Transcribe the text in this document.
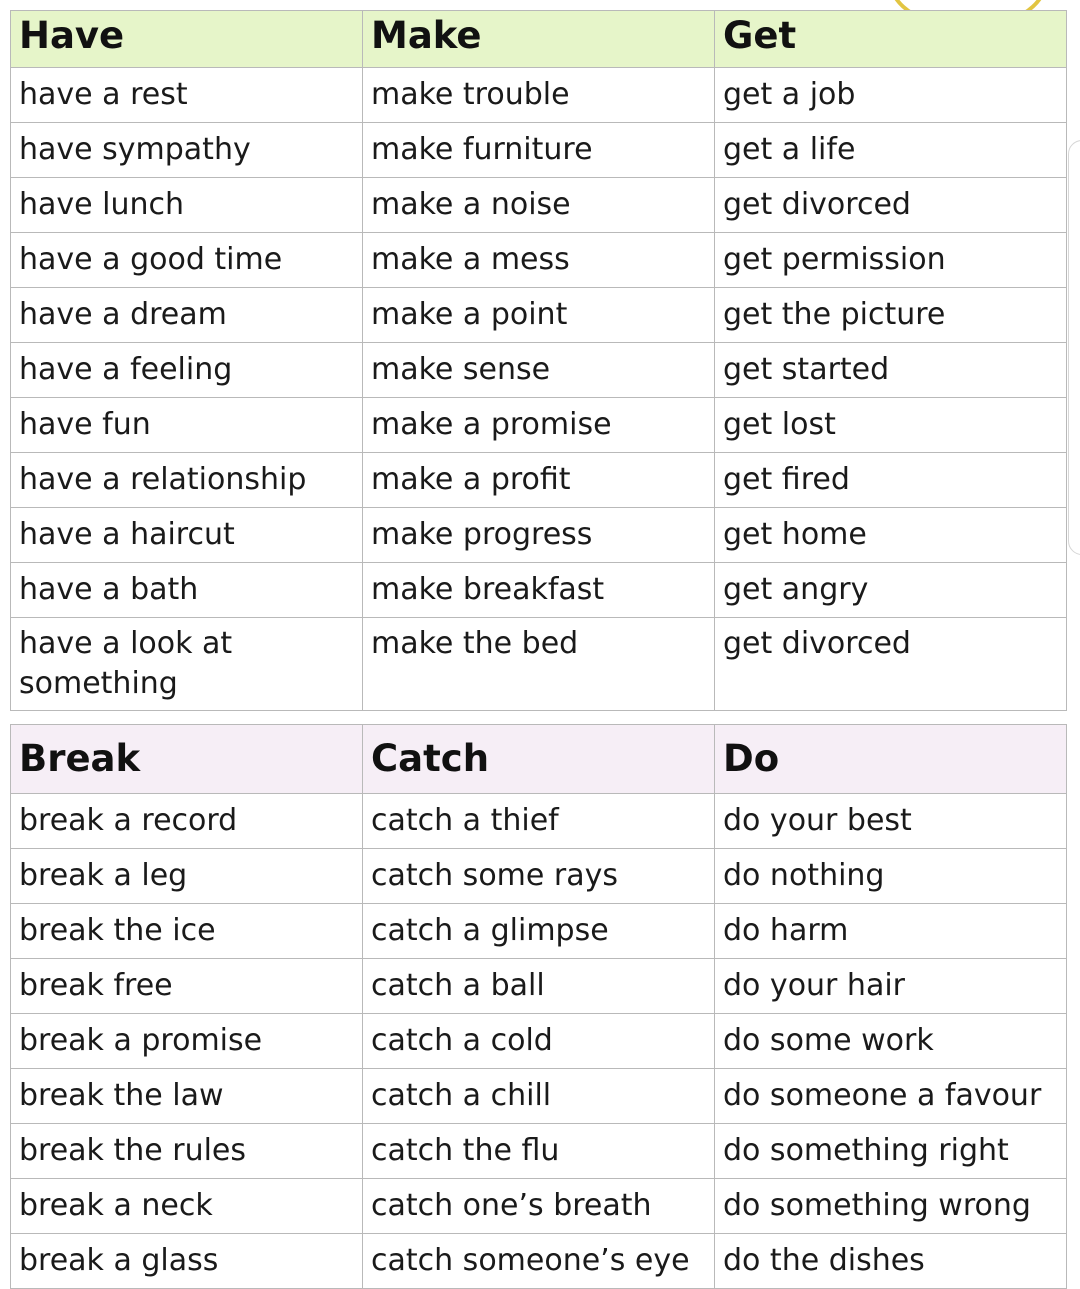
Have	Make	Get
have a rest	make trouble	get a job
have sympathy	make furniture	get a life
have lunch	make a noise	get divorced
have a good time	make a mess	get permission
have a dream	make a point	get the picture
have a feeling	make sense	get started
have fun	make a promise	get lost
have a relationship	make a profit	get fired
have a haircut	make progress	get home
have a bath	make breakfast	get angry
have a look at something	make the bed	get divorced
Break	Catch	Do
break a record	catch a thief	do your best
break a leg	catch some rays	do nothing
break the ice	catch a glimpse	do harm
break free	catch a ball	do your hair
break a promise	catch a cold	do some work
break the law	catch a chill	do someone a favour
break the rules	catch the flu	do something right
break a neck	catch one’s breath	do something wrong
break a glass	catch someone’s eye	do the dishes
